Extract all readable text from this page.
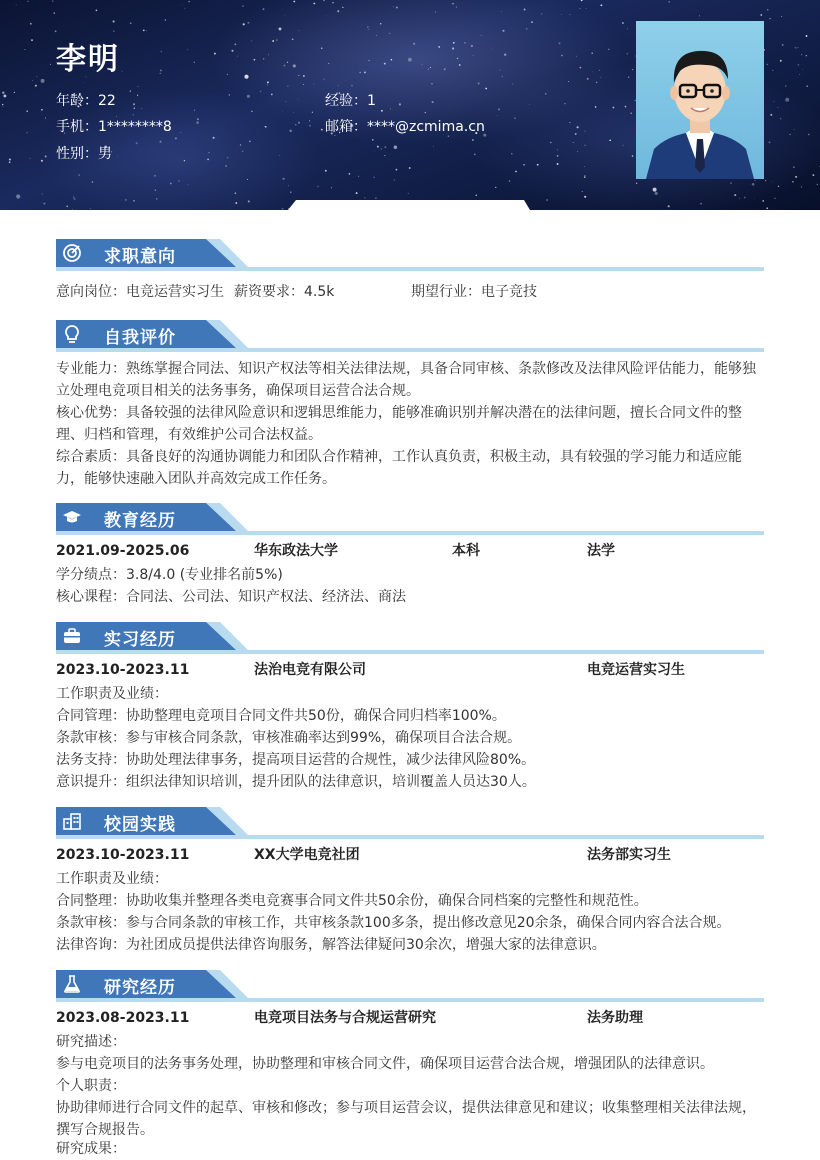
李明
年龄：22	经验：1
手机：1********8	邮箱：****@zcmima.cn
性别：男
求职意向
意向岗位：电竞运营实习生 薪资要求：4.5k	期望行业：电子竞技
自我评价
专业能力：熟练掌握合同法、知识产权法等相关法律法规，具备合同审核、条款修改及法律风险评估能力，能够独
立处理电竞项目相关的法务事务，确保项目运营合法合规。
核心优势：具备较强的法律风险意识和逻辑思维能力，能够准确识别并解决潜在的法律问题，擅长合同文件的整
理、归档和管理，有效维护公司合法权益。
综合素质：具备良好的沟通协调能力和团队合作精神，工作认真负责，积极主动，具有较强的学习能力和适应能
力，能够快速融入团队并高效完成工作任务。
教育经历
2021.09-2025.06	华东政法大学	本科	法学
学分绩点：3.8/4.0 (专业排名前5%)
核心课程：合同法、公司法、知识产权法、经济法、商法
实习经历
2023.10-2023.11	法治电竞有限公司	电竞运营实习生
工作职责及业绩：
合同管理：协助整理电竞项目合同文件共50份，确保合同归档率100%。
条款审核：参与审核合同条款，审核准确率达到99%，确保项目合法合规。
法务支持：协助处理法律事务，提高项目运营的合规性，减少法律风险80%。
意识提升：组织法律知识培训，提升团队的法律意识，培训覆盖人员达30人。
校园实践
2023.10-2023.11	XX大学电竞社团	法务部实习生
工作职责及业绩：
合同整理：协助收集并整理各类电竞赛事合同文件共50余份，确保合同档案的完整性和规范性。
条款审核：参与合同条款的审核工作，共审核条款100多条，提出修改意见20余条，确保合同内容合法合规。
法律咨询：为社团成员提供法律咨询服务，解答法律疑问30余次，增强大家的法律意识。
研究经历
2023.08-2023.11	电竞项目法务与合规运营研究	法务助理
研究描述：
参与电竞项目的法务事务处理，协助整理和审核合同文件，确保项目运营合法合规，增强团队的法律意识。
个人职责：
协助律师进行合同文件的起草、审核和修改；参与项目运营会议，提供法律意见和建议；收集整理相关法律法规，
撰写合规报告。
研究成果：
